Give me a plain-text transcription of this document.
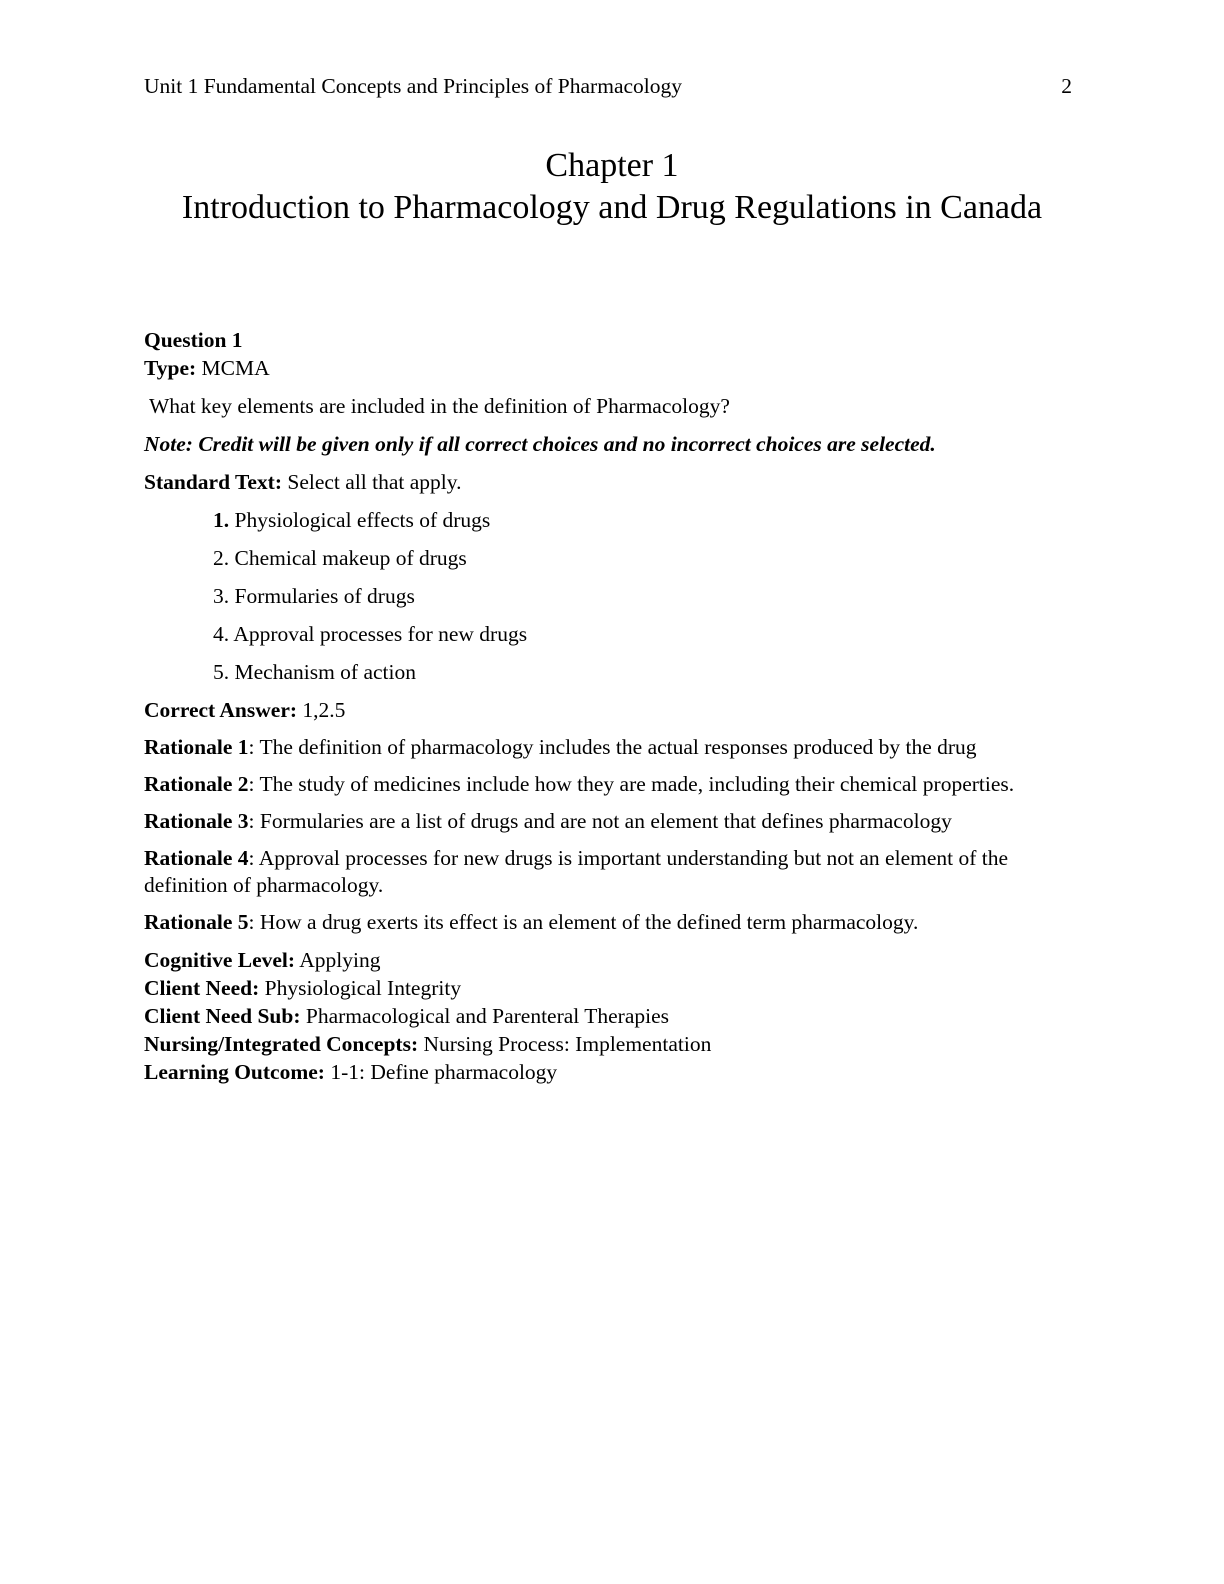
Unit 1 Fundamental Concepts and Principles of Pharmacology	2
Chapter 1
Introduction to Pharmacology and Drug Regulations in Canada
Question 1
Type: MCMA
What key elements are included in the definition of Pharmacology?
Note: Credit will be given only if all correct choices and no incorrect choices are selected.
Standard Text: Select all that apply.
1. Physiological effects of drugs
2. Chemical makeup of drugs
3. Formularies of drugs
4. Approval processes for new drugs
5. Mechanism of action
Correct Answer: 1,2.5
Rationale 1: The definition of pharmacology includes the actual responses produced by the drug
Rationale 2: The study of medicines include how they are made, including their chemical properties.
Rationale 3: Formularies are a list of drugs and are not an element that defines pharmacology
Rationale 4: Approval processes for new drugs is important understanding but not an element of the definition of pharmacology.
Rationale 5: How a drug exerts its effect is an element of the defined term pharmacology.
Cognitive Level: Applying
Client Need: Physiological Integrity
Client Need Sub: Pharmacological and Parenteral Therapies
Nursing/Integrated Concepts: Nursing Process: Implementation
Learning Outcome: 1-1: Define pharmacology
